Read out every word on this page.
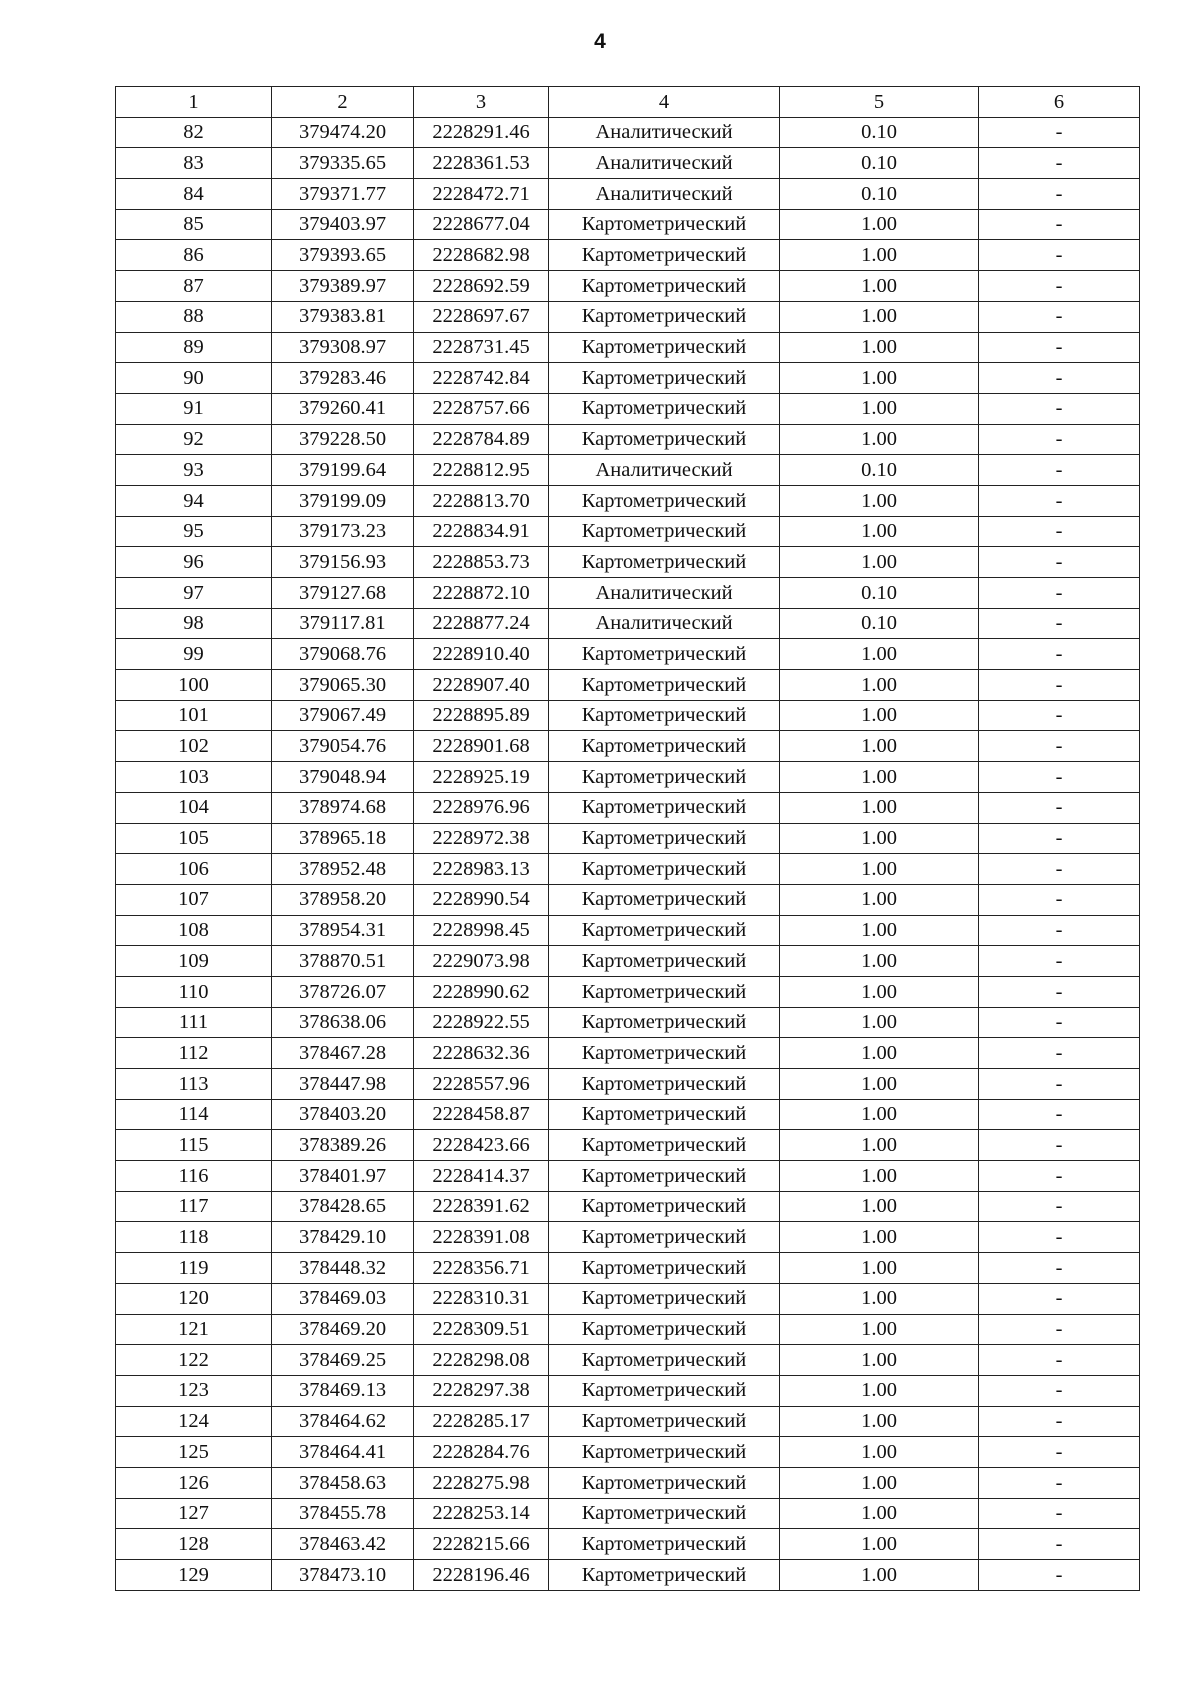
4
1	2	3	4	5	6
82	379474.20	2228291.46	Аналитический	0.10	-
83	379335.65	2228361.53	Аналитический	0.10	-
84	379371.77	2228472.71	Аналитический	0.10	-
85	379403.97	2228677.04	Картометрический	1.00	-
86	379393.65	2228682.98	Картометрический	1.00	-
87	379389.97	2228692.59	Картометрический	1.00	-
88	379383.81	2228697.67	Картометрический	1.00	-
89	379308.97	2228731.45	Картометрический	1.00	-
90	379283.46	2228742.84	Картометрический	1.00	-
91	379260.41	2228757.66	Картометрический	1.00	-
92	379228.50	2228784.89	Картометрический	1.00	-
93	379199.64	2228812.95	Аналитический	0.10	-
94	379199.09	2228813.70	Картометрический	1.00	-
95	379173.23	2228834.91	Картометрический	1.00	-
96	379156.93	2228853.73	Картометрический	1.00	-
97	379127.68	2228872.10	Аналитический	0.10	-
98	379117.81	2228877.24	Аналитический	0.10	-
99	379068.76	2228910.40	Картометрический	1.00	-
100	379065.30	2228907.40	Картометрический	1.00	-
101	379067.49	2228895.89	Картометрический	1.00	-
102	379054.76	2228901.68	Картометрический	1.00	-
103	379048.94	2228925.19	Картометрический	1.00	-
104	378974.68	2228976.96	Картометрический	1.00	-
105	378965.18	2228972.38	Картометрический	1.00	-
106	378952.48	2228983.13	Картометрический	1.00	-
107	378958.20	2228990.54	Картометрический	1.00	-
108	378954.31	2228998.45	Картометрический	1.00	-
109	378870.51	2229073.98	Картометрический	1.00	-
110	378726.07	2228990.62	Картометрический	1.00	-
111	378638.06	2228922.55	Картометрический	1.00	-
112	378467.28	2228632.36	Картометрический	1.00	-
113	378447.98	2228557.96	Картометрический	1.00	-
114	378403.20	2228458.87	Картометрический	1.00	-
115	378389.26	2228423.66	Картометрический	1.00	-
116	378401.97	2228414.37	Картометрический	1.00	-
117	378428.65	2228391.62	Картометрический	1.00	-
118	378429.10	2228391.08	Картометрический	1.00	-
119	378448.32	2228356.71	Картометрический	1.00	-
120	378469.03	2228310.31	Картометрический	1.00	-
121	378469.20	2228309.51	Картометрический	1.00	-
122	378469.25	2228298.08	Картометрический	1.00	-
123	378469.13	2228297.38	Картометрический	1.00	-
124	378464.62	2228285.17	Картометрический	1.00	-
125	378464.41	2228284.76	Картометрический	1.00	-
126	378458.63	2228275.98	Картометрический	1.00	-
127	378455.78	2228253.14	Картометрический	1.00	-
128	378463.42	2228215.66	Картометрический	1.00	-
129	378473.10	2228196.46	Картометрический	1.00	-
